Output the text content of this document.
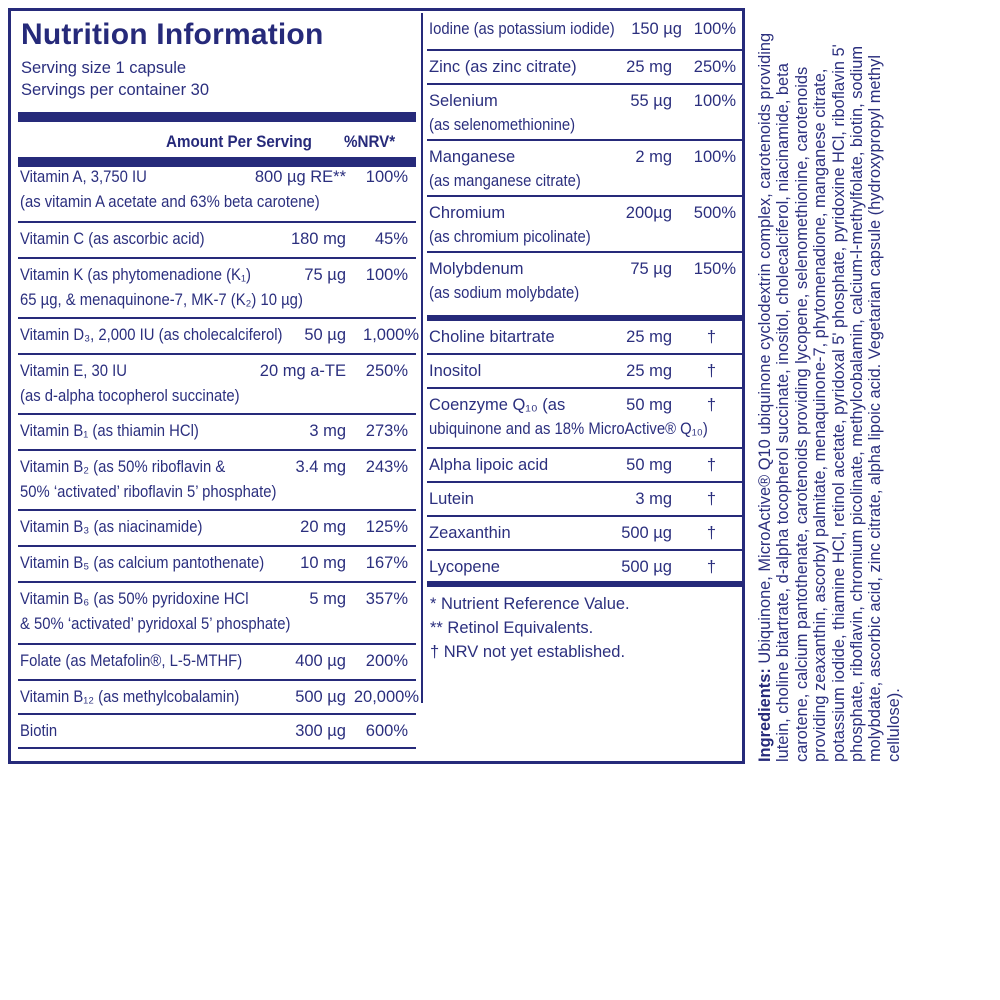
Nutrition Information
Serving size 1 capsule
Servings per container 30
Amount Per Serving %NRV*
Vitamin A, 3,750 IU
(as vitamin A acetate and 63% beta carotene)
800 µg RE** 100%
Vitamin C (as ascorbic acid)	180 mg 45%
Vitamin K (as phytomenadione (K₁)
65 µg, & menaquinone-7, MK-7 (K₂) 10 µg)
75 µg 100%
Vitamin D₃, 2,000 IU (as cholecalciferol) 50 µg 1,000%
Vitamin E, 30 IU
(as d-alpha tocopherol succinate)
20 mg a-TE 250%
Vitamin B₁ (as thiamin HCl)	3 mg 273%
Vitamin B₂ (as 50% riboflavin &
50% ‘activated’ riboflavin 5’ phosphate)
3.4 mg 243%
Vitamin B₃ (as niacinamide)	20 mg 125%
Vitamin B₅ (as calcium pantothenate) 10 mg 167%
Vitamin B₆ (as 50% pyridoxine HCl
& 50% ‘activated’ pyridoxal 5’ phosphate)
5 mg 357%
Folate (as Metafolin®, L-5-MTHF)	400 µg 200%
Vitamin B₁₂ (as methylcobalamin)	500 µg 20,000%
Biotin	300 µg 600%
Iodine (as potassium iodide) 150 µg 100%
Zinc (as zinc citrate)	25 mg 250%
Selenium
(as selenomethionine)
55 µg 100%
Manganese
(as manganese citrate)
2 mg 100%
Chromium
(as chromium picolinate)
200µg 500%
Molybdenum
(as sodium molybdate)
75 µg 150%
Choline bitartrate	25 mg †
Inositol	25 mg †
Coenzyme Q₁₀ (as
ubiquinone and as 18% MicroActive® Q₁₀)
50 mg †
Alpha lipoic acid	50 mg †
Lutein	3 mg †
Zeaxanthin	500 µg †
Lycopene	500 µg †
* Nutrient Reference Value.
** Retinol Equivalents.
† NRV not yet established.
Ingredients: Ubiquinone, MicroActive® Q10 ubiquinone cyclodextrin complex, carotenoids providing lutein, choline bitartrate, d-alpha tocopherol succinate, inositol, cholecalciferol, niacinamide, beta carotene, calcium pantothenate, carotenoids providing lycopene, selenomethionine, carotenoids providing zeaxanthin, ascorbyl palmitate, menaquinone-7, phytomenadione, manganese citrate, potassium iodide, thiamine HCl, retinol acetate, pyridoxal 5' phosphate, pyridoxine HCl, riboflavin 5' phosphate, riboflavin, chromium picolinate, methylcobalamin, calcium-l-methylfolate, biotin, sodium molybdate, ascorbic acid, zinc citrate, alpha lipoic acid. Vegetarian capsule (hydroxypropyl methyl cellulose).
